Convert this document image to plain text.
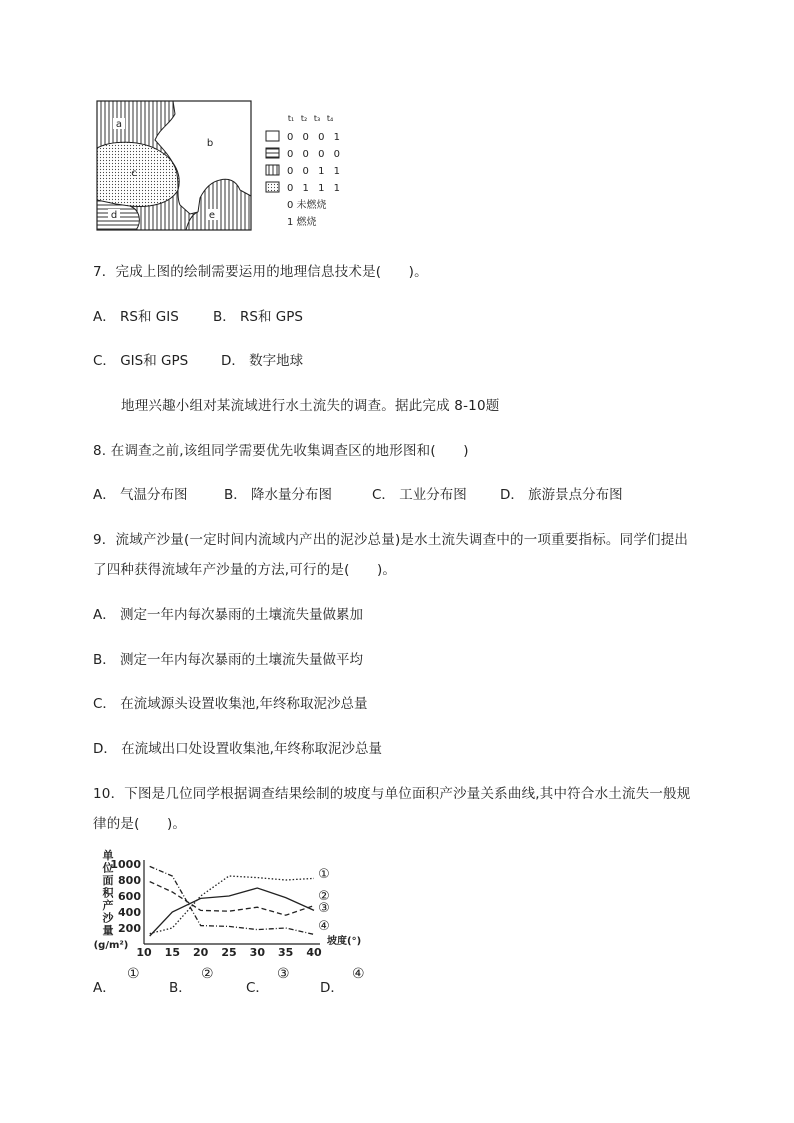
a
b
c
d	e
t₁ t₂ t₃ t₄
0 0 0 1
0 0 0 0
0 0 1 1
0 1 1 1
0 未燃烧
1 燃烧
7．完成上图的绘制需要运用的地理信息技术是(　　)。
A． RS和 GIS	B． RS和 GPS
C． GIS和 GPS D． 数字地球
地理兴趣小组对某流域进行水土流失的调查。据此完成 8-10题
8. 在调查之前,该组同学需要优先收集调查区的地形图和(　　)
A． 气温分布图	B． 降水量分布图	C． 工业分布图 D． 旅游景点分布图
9．流域产沙量(一定时间内流域内产出的泥沙总量)是水土流失调查中的一项重要指标。同学们提出
了四种获得流域年产沙量的方法,可行的是(　　)。
A． 测定一年内每次暴雨的土壤流失量做累加
B． 测定一年内每次暴雨的土壤流失量做平均
C． 在流域源头设置收集池,年终称取泥沙总量
D． 在流域出口处设置收集池,年终称取泥沙总量
10．下图是几位同学根据调查结果绘制的坡度与单位面积产沙量关系曲线,其中符合水土流失一般规
律的是(　　)。
200
400
600
800
1000
10 15 20 25 30 35 40
单
位
面
积
产
沙
量
(g/m²)	坡度(°)
①
②
③
④
A．
①
B．
②
C．
③
D．
④
